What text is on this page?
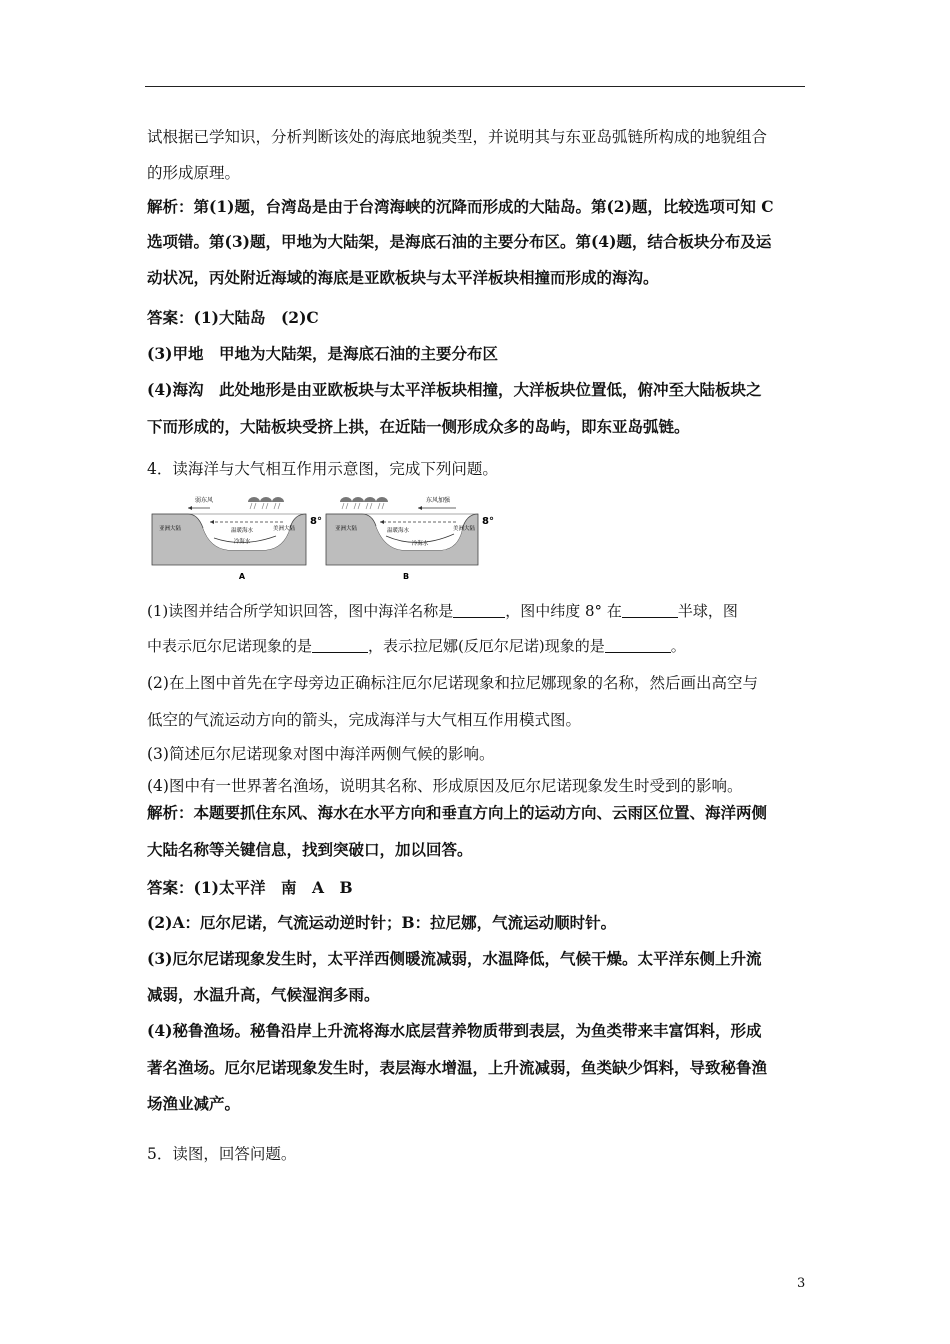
试根据已学知识，分析判断该处的海底地貌类型，并说明其与东亚岛弧链所构成的地貌组合
的形成原理。
解析：第(1)题，台湾岛是由于台湾海峡的沉降而形成的大陆岛。第(2)题，比较选项可知 C
选项错。第(3)题，甲地为大陆架，是海底石油的主要分布区。第(4)题，结合板块分布及运
动状况，丙处附近海域的海底是亚欧板块与太平洋板块相撞而形成的海沟。
答案：(1)大陆岛　(2)C
(3)甲地　甲地为大陆架，是海底石油的主要分布区
(4)海沟　此处地形是由亚欧板块与太平洋板块相撞，大洋板块位置低，俯冲至大陆板块之
下而形成的，大陆板块受挤上拱，在近陆一侧形成众多的岛屿，即东亚岛弧链。
4．读海洋与大气相互作用示意图，完成下列问题。
弱东风
温暖海水
冷海水
亚洲大陆	美洲大陆
A
8°
东风加强
温暖海水
冷海水
亚洲大陆	美洲大陆
B
8°
(1)读图并结合所学知识回答，图中海洋名称是	，图中纬度 8° 在	半球，图
中表示厄尔尼诺现象的是	，表示拉尼娜(反厄尔尼诺)现象的是	。
(2)在上图中首先在字母旁边正确标注厄尔尼诺现象和拉尼娜现象的名称，然后画出高空与
低空的气流运动方向的箭头，完成海洋与大气相互作用模式图。
(3)简述厄尔尼诺现象对图中海洋两侧气候的影响。
(4)图中有一世界著名渔场，说明其名称、形成原因及厄尔尼诺现象发生时受到的影响。
解析：本题要抓住东风、海水在水平方向和垂直方向上的运动方向、云雨区位置、海洋两侧
大陆名称等关键信息，找到突破口，加以回答。
答案：(1)太平洋　南　A　B
(2)A：厄尔尼诺，气流运动逆时针；B：拉尼娜，气流运动顺时针。
(3)厄尔尼诺现象发生时，太平洋西侧暖流减弱，水温降低，气候干燥。太平洋东侧上升流
减弱，水温升高，气候湿润多雨。
(4)秘鲁渔场。秘鲁沿岸上升流将海水底层营养物质带到表层，为鱼类带来丰富饵料，形成
著名渔场。厄尔尼诺现象发生时，表层海水增温，上升流减弱，鱼类缺少饵料，导致秘鲁渔
场渔业减产。
5．读图，回答问题。
3
